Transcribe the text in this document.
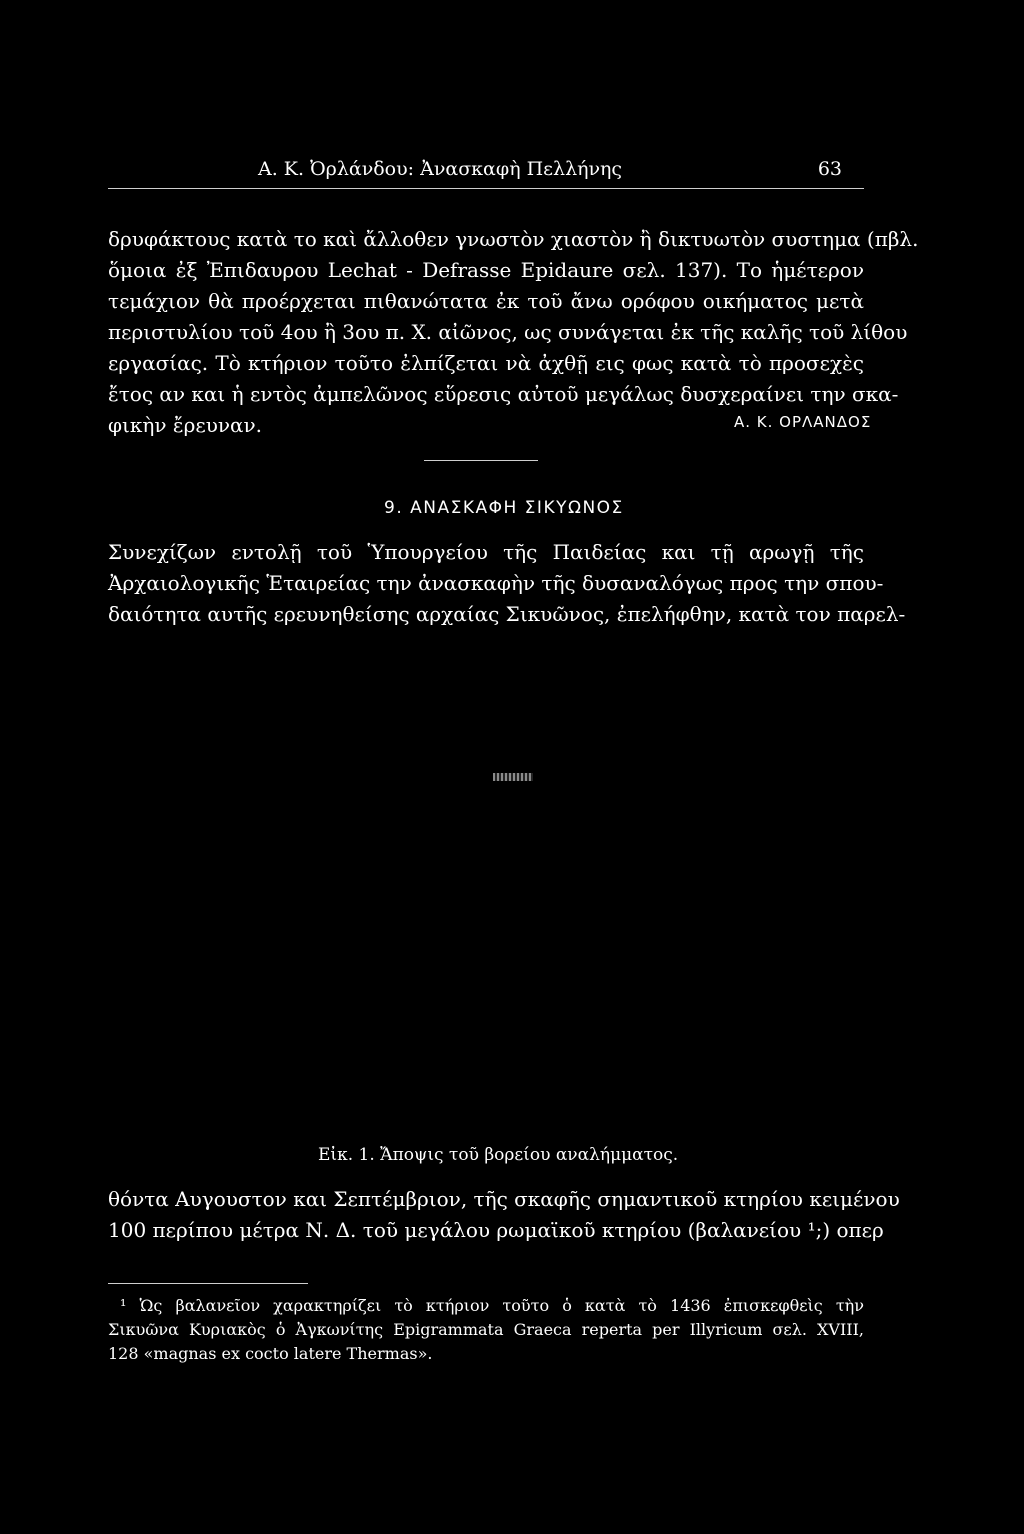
Α. Κ. Ὀρλάνδου: Ἀνασκαφὴ Πελλήνης	63
δρυφάκτους κατὰ το καὶ ἄλλοθεν γνωστὸν χιαστὸν ἢ δικτυωτὸν συστημα (πβλ.
ὅμοια ἐξ Ἐπιδαυρου Lechat - Defrasse Epidaure σελ. 137). Το ἡμέτερον
τεμάχιον θὰ προέρχεται πιθανώτατα ἐκ τοῦ ἄνω ορόφου οικήματος μετὰ
περιστυλίου τοῦ 4ου ἢ 3ου π. Χ. αἰῶνος, ως συνάγεται ἐκ τῆς καλῆς τοῦ λίθου
εργασίας. Τὸ κτήριον τοῦτο ἐλπίζεται νὰ ἀχθῇ εις φως κατὰ τὸ προσεχὲς
ἔτος αν και ἡ εντὸς ἀμπελῶνος εὕρεσις αὐτοῦ μεγάλως δυσχεραίνει την σκα-
φικὴν ἔρευναν.	Α. Κ. ΟΡΛΑΝΔΟΣ
9. ΑΝΑΣΚΑΦΗ ΣΙΚΥΩΝΟΣ
Συνεχίζων εντολῇ τοῦ Ὑπουργείου τῆς Παιδείας και τῇ αρωγῇ τῆς
Ἀρχαιολογικῆς Ἑταιρείας την ἀνασκαφὴν τῆς δυσαναλόγως προς την σπου-
δαιότητα αυτῆς ερευνηθείσης αρχαίας Σικυῶνος, ἐπελήφθην, κατὰ τον παρελ-
Εἰκ. 1. Ἄποψις τοῦ βορείου αναλήμματος.
θόντα Αυγουστον και Σεπτέμβριον, τῆς σκαφῆς σημαντικοῦ κτηρίου κειμένου
100 περίπου μέτρα Ν. Δ. τοῦ μεγάλου ρωμαϊκοῦ κτηρίου (βαλανείου ¹;) οπερ
¹ Ὡς βαλανεῖον χαρακτηρίζει τὸ κτήριον τοῦτο ὁ κατὰ τὸ 1436 ἐπισκεφθεὶς τὴν
Σικυῶνα Κυριακὸς ὁ Ἀγκωνίτης Epigrammata Graeca reperta per Illyricum σελ. XVIII,
128 «magnas ex cocto latere Thermas».
